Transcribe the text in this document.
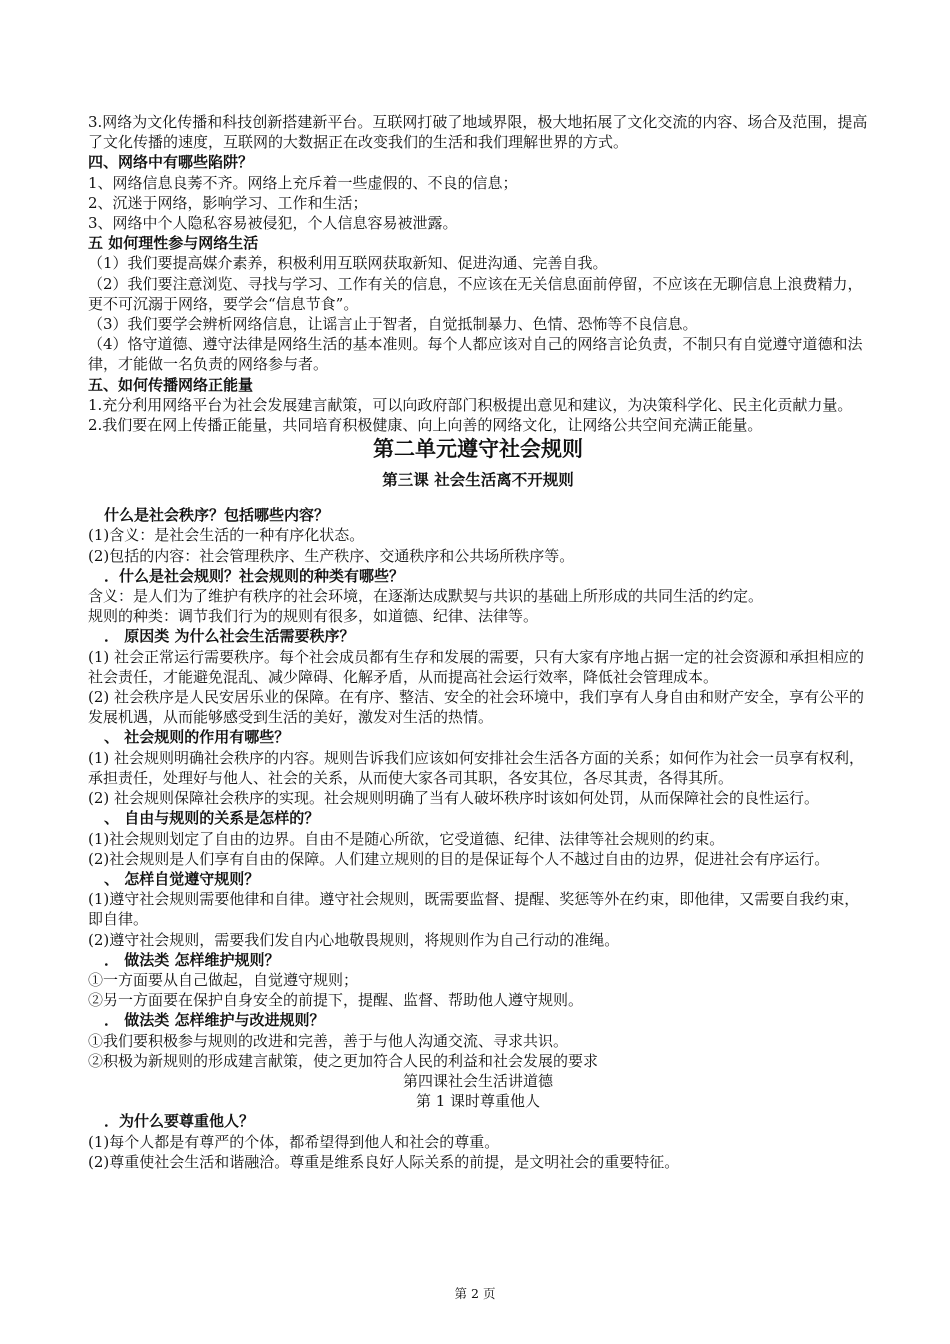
3.网络为文化传播和科技创新搭建新平台。互联网打破了地域界限，极大地拓展了文化交流的内容、场合及范围，提高了文化传播的速度，互联网的大数据正在改变我们的生活和我们理解世界的方式。

四、网络中有哪些陷阱？

1、网络信息良莠不齐。网络上充斥着一些虚假的、不良的信息；

2、沉迷于网络，影响学习、工作和生活；

3、网络中个人隐私容易被侵犯，个人信息容易被泄露。

五 如何理性参与网络生活

（1）我们要提高媒介素养，积极利用互联网获取新知、促进沟通、完善自我。

（2）我们要注意浏览、寻找与学习、工作有关的信息，不应该在无关信息面前停留，不应该在无聊信息上浪费精力，更不可沉溺于网络，要学会“信息节食”。

（3）我们要学会辨析网络信息，让谣言止于智者，自觉抵制暴力、色情、恐怖等不良信息。

（4）恪守道德、遵守法律是网络生活的基本准则。每个人都应该对自己的网络言论负责，不制只有自觉遵守道德和法律，才能做一名负责的网络参与者。

五、如何传播网络正能量

1.充分利用网络平台为社会发展建言献策，可以向政府部门积极提出意见和建议，为决策科学化、民主化贡献力量。

2.我们要在网上传播正能量，共同培育积极健康、向上向善的网络文化，让网络公共空间充满正能量。

第二单元遵守社会规则

第三课 社会生活离不开规则

什么是社会秩序？包括哪些内容？

(1)含义：是社会生活的一种有序化状态。

(2)包括的内容：社会管理秩序、生产秩序、交通秩序和公共场所秩序等。

．什么是社会规则？社会规则的种类有哪些？

含义：是人们为了维护有秩序的社会环境，在逐渐达成默契与共识的基础上所形成的共同生活的约定。

规则的种类：调节我们行为的规则有很多，如道德、纪律、法律等。

． 原因类 为什么社会生活需要秩序？

(1) 社会正常运行需要秩序。每个社会成员都有生存和发展的需要，只有大家有序地占据一定的社会资源和承担相应的社会责任，才能避免混乱、减少障碍、化解矛盾，从而提高社会运行效率，降低社会管理成本。

(2) 社会秩序是人民安居乐业的保障。在有序、整洁、安全的社会环境中，我们享有人身自由和财产安全，享有公平的发展机遇，从而能够感受到生活的美好，激发对生活的热情。

、 社会规则的作用有哪些？

(1) 社会规则明确社会秩序的内容。规则告诉我们应该如何安排社会生活各方面的关系；如何作为社会一员享有权利，承担责任，处理好与他人、社会的关系，从而使大家各司其职，各安其位，各尽其责，各得其所。

(2) 社会规则保障社会秩序的实现。社会规则明确了当有人破坏秩序时该如何处罚，从而保障社会的良性运行。

、 自由与规则的关系是怎样的？

(1)社会规则划定了自由的边界。自由不是随心所欲，它受道德、纪律、法律等社会规则的约束。

(2)社会规则是人们享有自由的保障。人们建立规则的目的是保证每个人不越过自由的边界，促进社会有序运行。

、 怎样自觉遵守规则？

(1)遵守社会规则需要他律和自律。遵守社会规则，既需要监督、提醒、奖惩等外在约束，即他律，又需要自我约束，即自律。

(2)遵守社会规则，需要我们发自内心地敬畏规则，将规则作为自己行动的准绳。

． 做法类 怎样维护规则？

①一方面要从自己做起，自觉遵守规则；

②另一方面要在保护自身安全的前提下，提醒、监督、帮助他人遵守规则。

． 做法类 怎样维护与改进规则？

①我们要积极参与规则的改进和完善，善于与他人沟通交流、寻求共识。

②积极为新规则的形成建言献策，使之更加符合人民的利益和社会发展的要求

第四课社会生活讲道德

第 1 课时尊重他人

．为什么要尊重他人？

(1)每个人都是有尊严的个体，都希望得到他人和社会的尊重。

(2)尊重使社会生活和谐融洽。尊重是维系良好人际关系的前提，是文明社会的重要特征。

第 2 页
